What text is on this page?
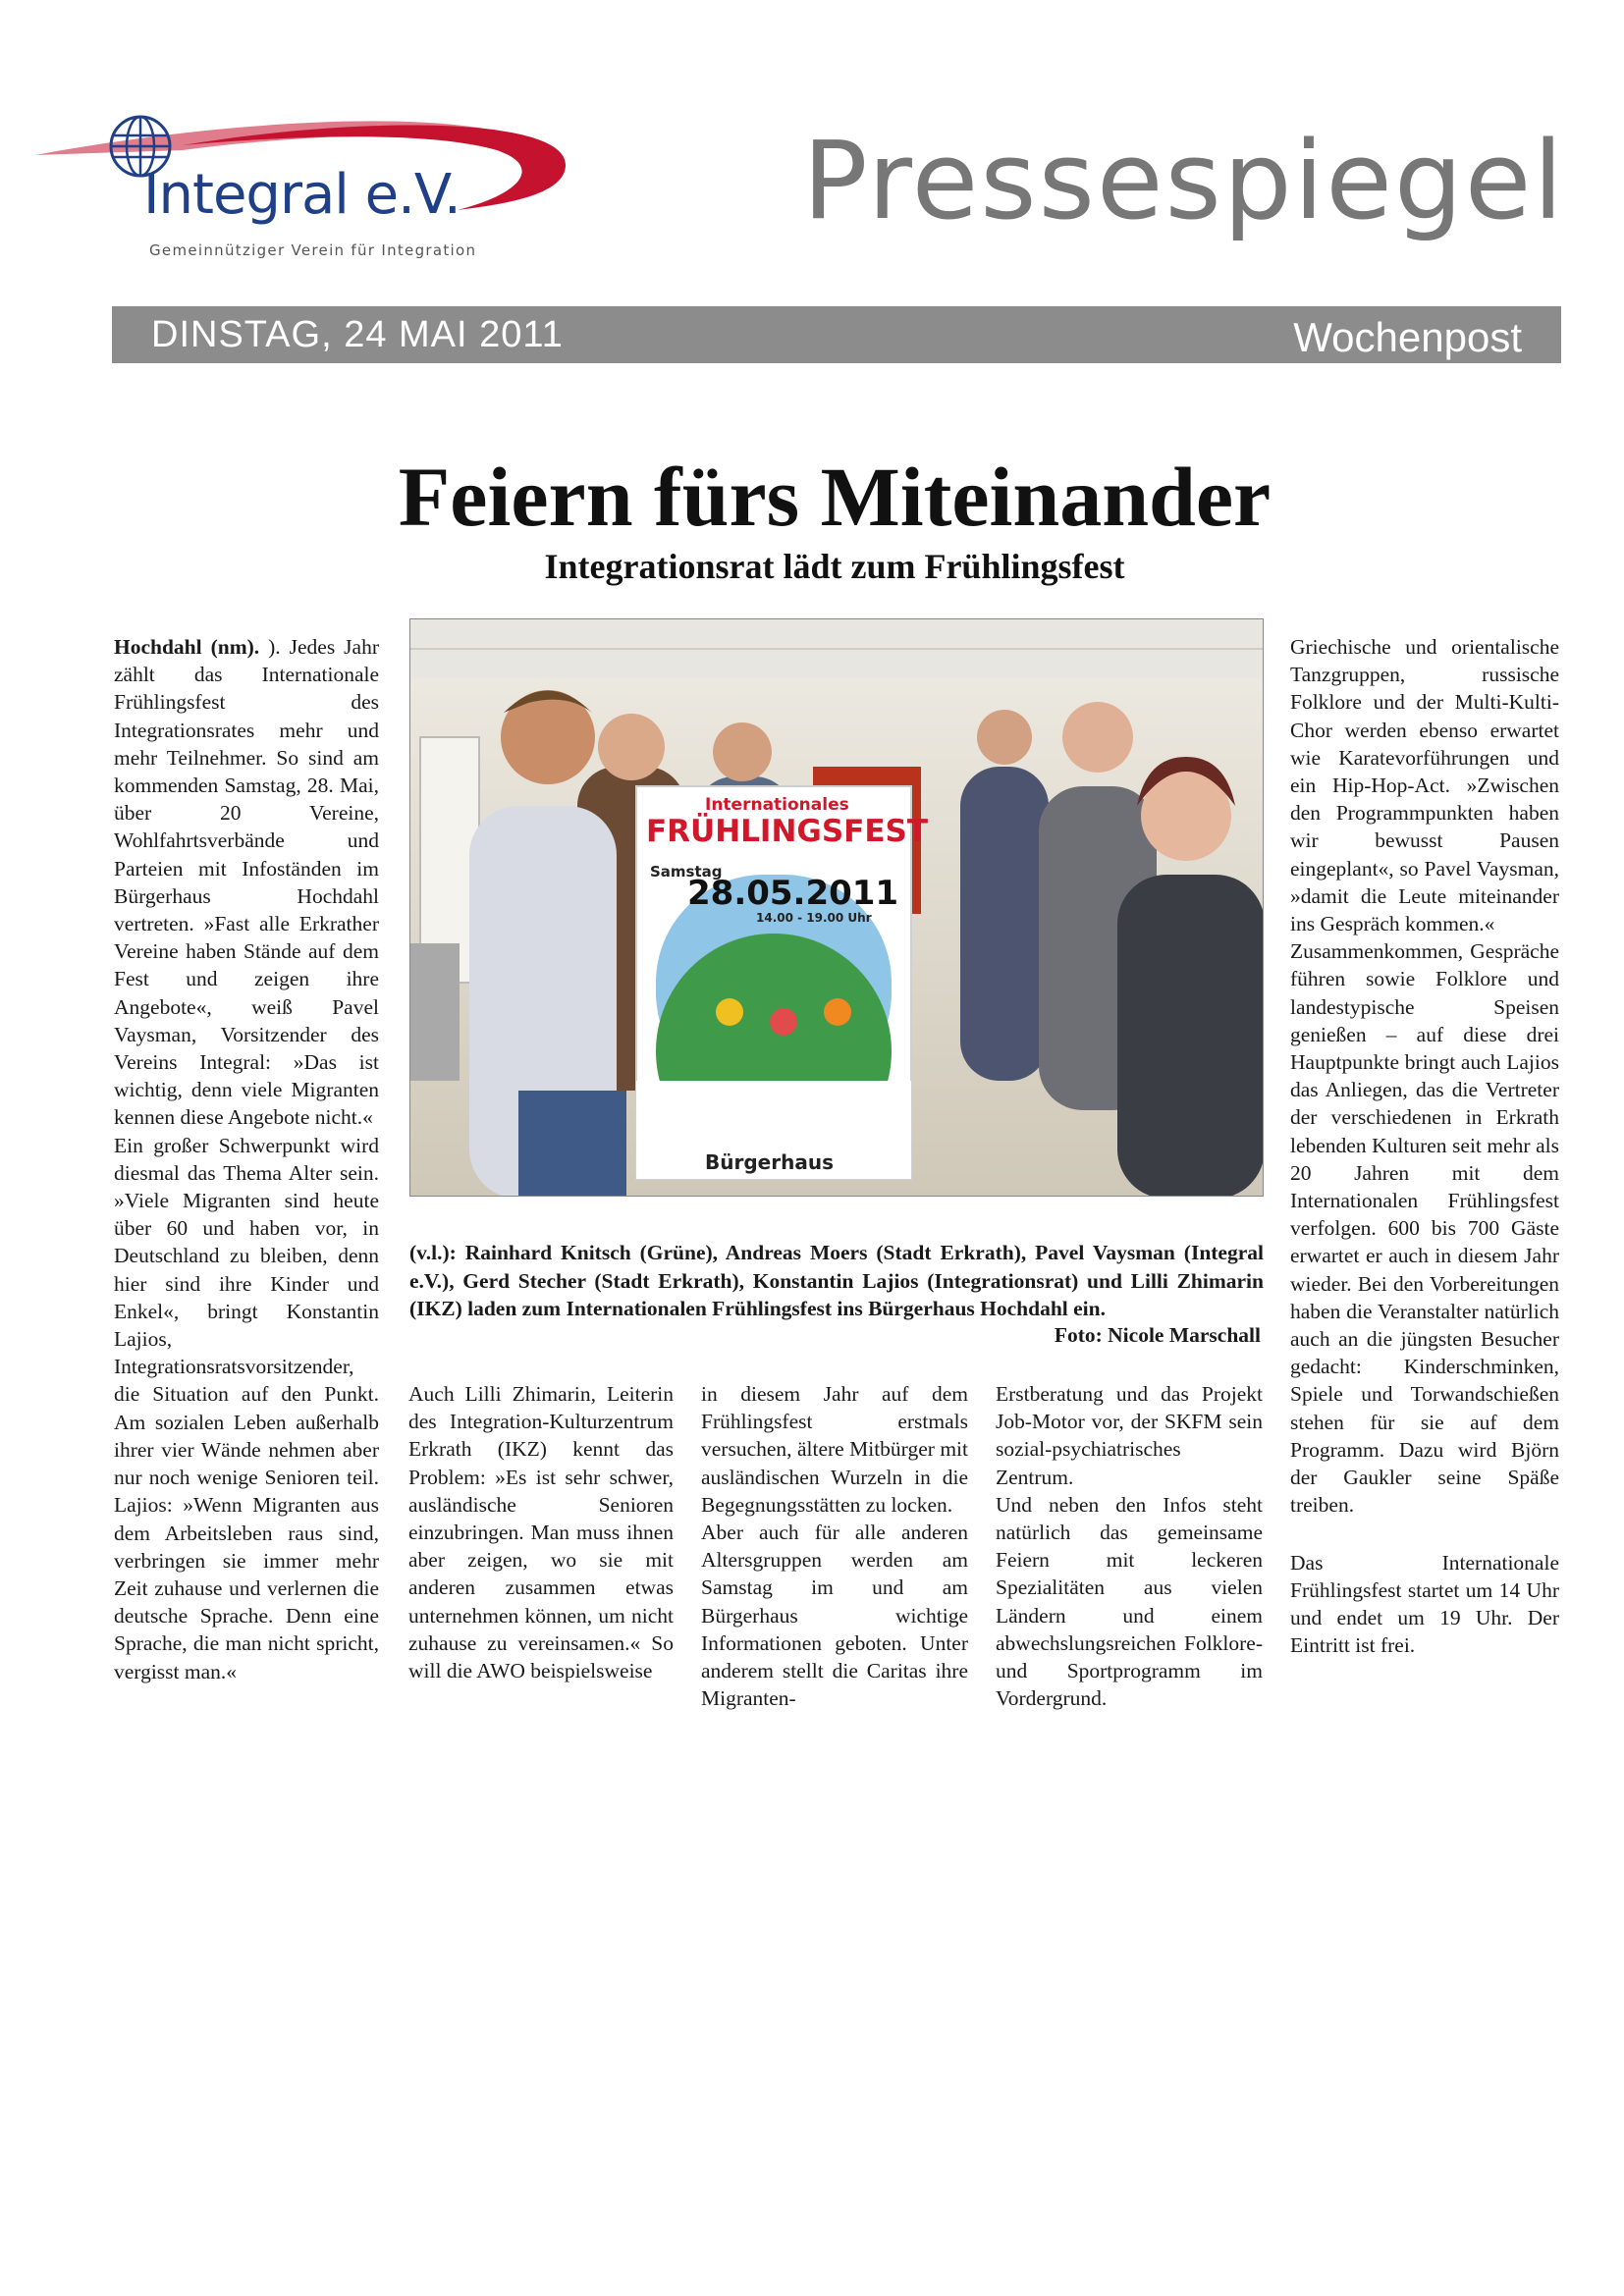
Integral e.V.
Gemeinnütziger Verein für Integration
Pressespiegel
DINSTAG, 24 MAI 2011	Wochenpost
Feiern fürs Miteinander
Integrationsrat lädt zum Frühlingsfest

Hochdahl (nm). ). Jedes Jahr zählt das Internationale Frühlingsfest des Integrationsrates mehr und mehr Teilnehmer. So sind am kommenden Samstag, 28. Mai, über 20 Vereine, Wohlfahrtsverbände und Parteien mit Infoständen im Bürgerhaus Hochdahl vertreten. »Fast alle Erkrather Vereine haben Stände auf dem Fest und zeigen ihre Angebote«, weiß Pavel Vaysman, Vorsitzender des Vereins Integral: »Das ist wichtig, denn viele Migranten kennen diese Angebote nicht.«

Ein großer Schwerpunkt wird diesmal das Thema Alter sein. »Viele Migranten sind heute über 60 und haben vor, in Deutschland zu bleiben, denn hier sind ihre Kinder und Enkel«, bringt Konstantin Lajios, Integrationsratsvorsitzender, die Situation auf den Punkt. Am sozialen Leben außerhalb ihrer vier Wände nehmen aber nur noch wenige Senioren teil. Lajios: »Wenn Migranten aus dem Arbeitsleben raus sind, verbringen sie immer mehr Zeit zuhause und verlernen die deutsche Sprache. Denn eine Sprache, die man nicht spricht, vergisst man.«

Internationales
FRÜHLINGSFEST
Samstag
28.05.2011
14.00 - 19.00 Uhr
Bürgerhaus
(v.l.): Rainhard Knitsch (Grüne), Andreas Moers (Stadt Erkrath), Pavel Vaysman (Integral e.V.), Gerd Stecher (Stadt Erkrath), Konstantin Lajios (Integrationsrat) und Lilli Zhimarin (IKZ) laden zum Internationalen Frühlingsfest ins Bürgerhaus Hochdahl ein.
Foto: Nicole Marschall

Auch Lilli Zhimarin, Leiterin des Integration-Kulturzentrum Erkrath (IKZ) kennt das Problem: »Es ist sehr schwer, ausländische Senioren einzubringen. Man muss ihnen aber zeigen, wo sie mit anderen zusammen etwas unternehmen können, um nicht zuhause zu vereinsamen.« So will die AWO beispielsweise

in diesem Jahr auf dem Frühlingsfest erstmals versuchen, ältere Mitbürger mit ausländischen Wurzeln in die Begegnungsstätten zu locken.

Aber auch für alle anderen Altersgruppen werden am Samstag im und am Bürgerhaus wichtige Informationen geboten. Unter anderem stellt die Caritas ihre Migranten-

Erstberatung und das Projekt Job-Motor vor, der SKFM sein sozial-psychiatrisches Zentrum.

Und neben den Infos steht natürlich das gemeinsame Feiern mit leckeren Spezialitäten aus vielen Ländern und einem abwechslungsreichen Folklore- und Sportprogramm im Vordergrund.

Griechische und orientalische Tanzgruppen, russische Folklore und der Multi-Kulti-Chor werden ebenso erwartet wie Karatevorführungen und ein Hip-Hop-Act. »Zwischen den Programmpunkten haben wir bewusst Pausen eingeplant«, so Pavel Vaysman, »damit die Leute miteinander ins Gespräch kommen.«

Zusammenkommen, Gespräche führen sowie Folklore und landestypische Speisen genießen – auf diese drei Hauptpunkte bringt auch Lajios das Anliegen, das die Vertreter der verschiedenen in Erkrath lebenden Kulturen seit mehr als 20 Jahren mit dem Internationalen Frühlingsfest verfolgen. 600 bis 700 Gäste erwartet er auch in diesem Jahr wieder. Bei den Vorbereitungen haben die Veranstalter natürlich auch an die jüngsten Besucher gedacht: Kinderschminken, Spiele und Torwandschießen stehen für sie auf dem Programm. Dazu wird Björn der Gaukler seine Späße treiben.

Das Internationale Frühlingsfest startet um 14 Uhr und endet um 19 Uhr. Der Eintritt ist frei.
